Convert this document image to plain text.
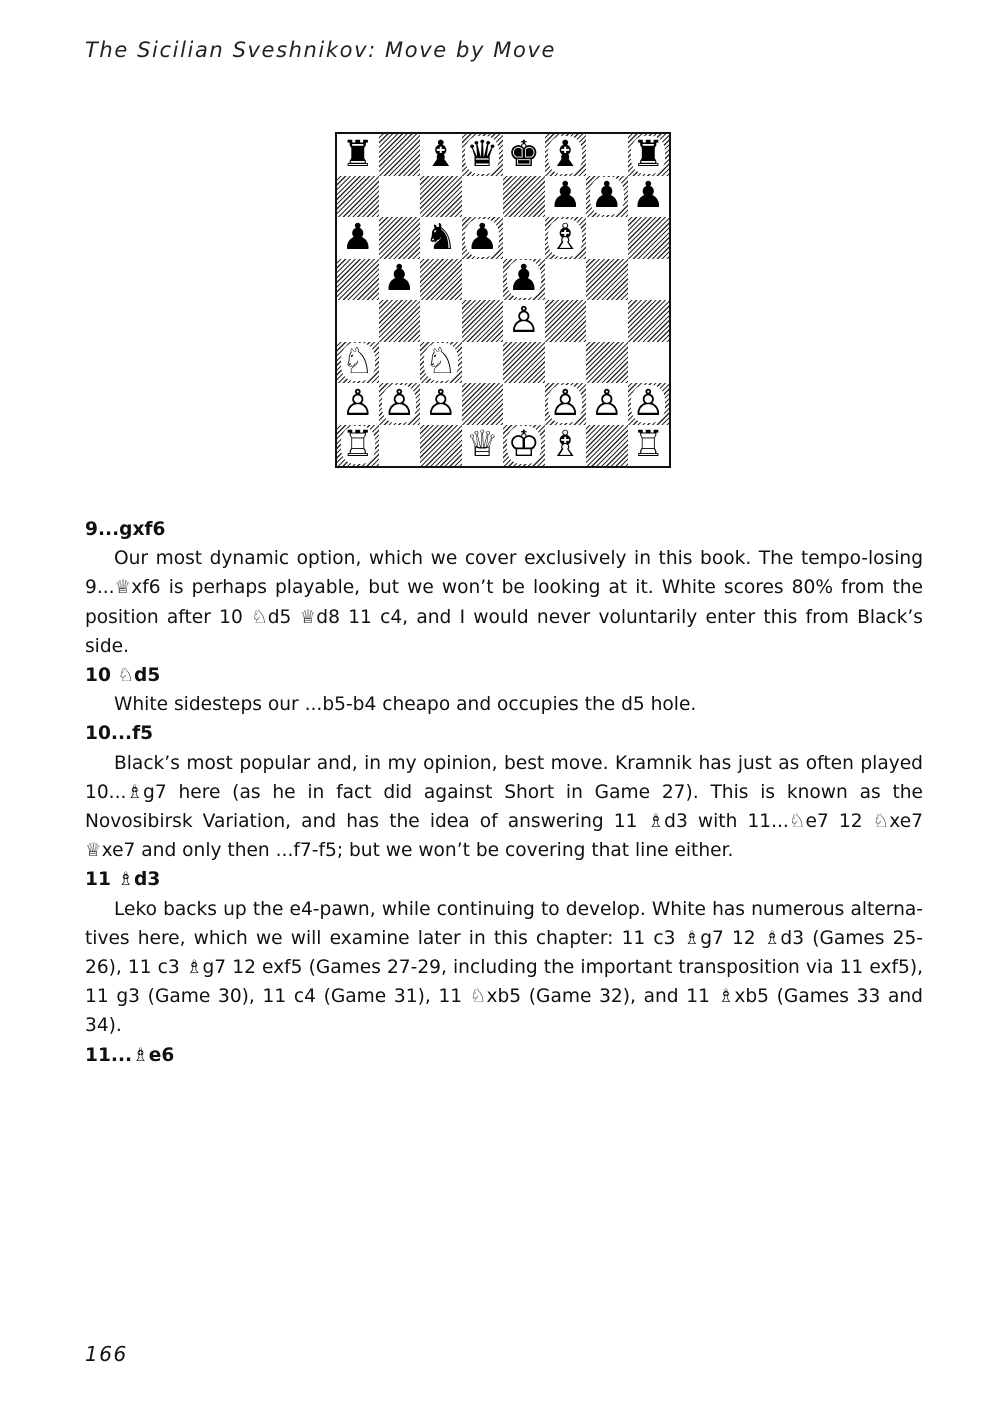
The Sicilian Sveshnikov: Move by Move
♜ ♝ ♛ ♚ ♝ ♜
♟ ♟ ♟
♟ ♞ ♟ ♗
♟	♟
♙
♘ ♘
♙ ♙ ♙	♙ ♙ ♙
♖	♕ ♔ ♗ ♖
9...gxf6
Our most dynamic option, which we cover exclusively in this book. The tempo-losing 9...♕xf6 is perhaps playable, but we won’t be looking at it. White scores 80% from the position after 10 ♘d5 ♕d8 11 c4, and I would never voluntarily enter this from Black’s side.
10 ♘d5
White sidesteps our ...b5-b4 cheapo and occupies the d5 hole.
10...f5
Black’s most popular and, in my opinion, best move. Kramnik has just as often played 10...♗g7 here (as he in fact did against Short in Game 27). This is known as the Novosibirsk Variation, and has the idea of answering 11 ♗d3 with 11...♘e7 12 ♘xe7 ♕xe7 and only then ...f7-f5; but we won’t be covering that line either.
11 ♗d3
Leko backs up the e4-pawn, while continuing to develop. White has numerous alternatives here, which we will examine later in this chapter: 11 c3 ♗g7 12 ♗d3 (Games 25-26), 11 c3 ♗g7 12 exf5 (Games 27-29, including the important transposition via 11 exf5), 11 g3 (Game 30), 11 c4 (Game 31), 11 ♘xb5 (Game 32), and 11 ♗xb5 (Games 33 and 34).
11...♗e6
166
